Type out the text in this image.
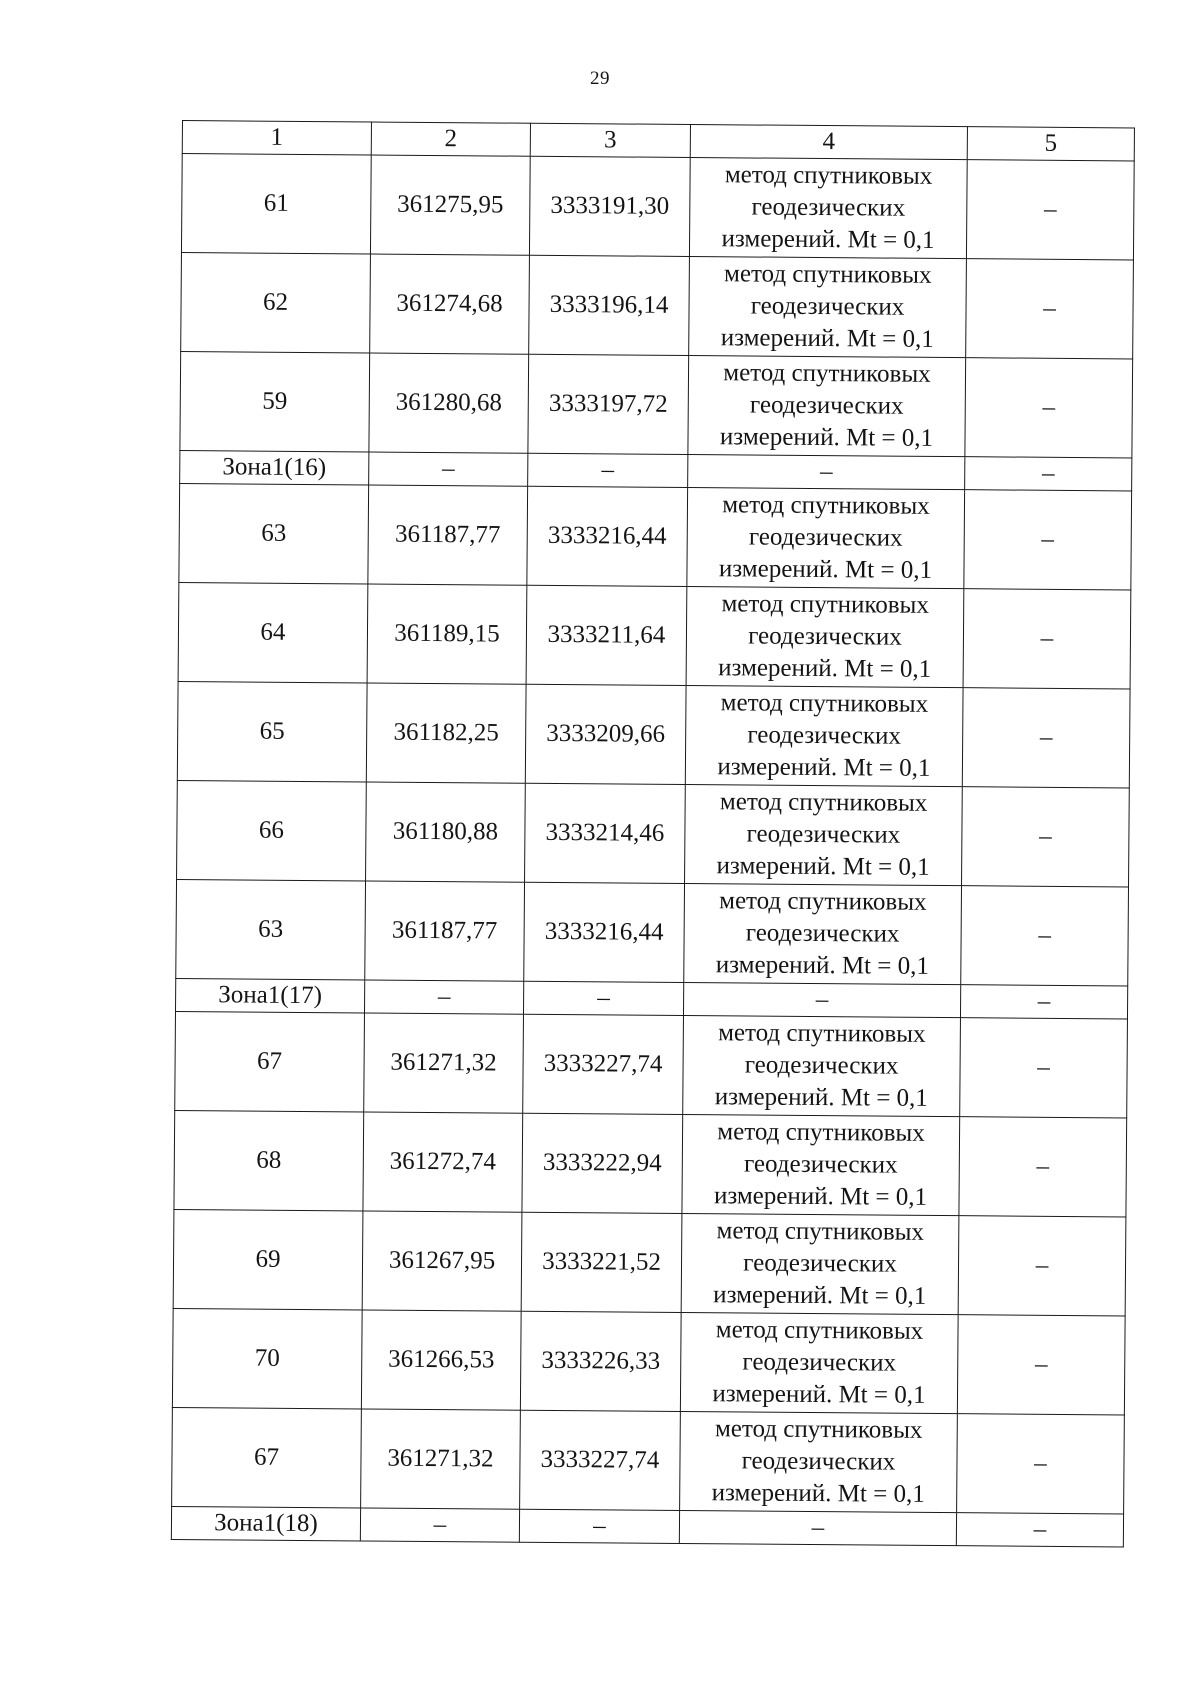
29
1	2	3	4	5
61	361275,95	3333191,30	метод спутниковых
геодезических
измерений. Mt = 0,1	–
62	361274,68	3333196,14	метод спутниковых
геодезических
измерений. Mt = 0,1	–
59	361280,68	3333197,72	метод спутниковых
геодезических
измерений. Mt = 0,1	–
Зона1(16)	–	–	–	–
63	361187,77	3333216,44	метод спутниковых
геодезических
измерений. Mt = 0,1	–
64	361189,15	3333211,64	метод спутниковых
геодезических
измерений. Mt = 0,1	–
65	361182,25	3333209,66	метод спутниковых
геодезических
измерений. Mt = 0,1	–
66	361180,88	3333214,46	метод спутниковых
геодезических
измерений. Mt = 0,1	–
63	361187,77	3333216,44	метод спутниковых
геодезических
измерений. Mt = 0,1	–
Зона1(17)	–	–	–	–
67	361271,32	3333227,74	метод спутниковых
геодезических
измерений. Mt = 0,1	–
68	361272,74	3333222,94	метод спутниковых
геодезических
измерений. Mt = 0,1	–
69	361267,95	3333221,52	метод спутниковых
геодезических
измерений. Mt = 0,1	–
70	361266,53	3333226,33	метод спутниковых
геодезических
измерений. Mt = 0,1	–
67	361271,32	3333227,74	метод спутниковых
геодезических
измерений. Mt = 0,1	–
Зона1(18)	–	–	–	–
